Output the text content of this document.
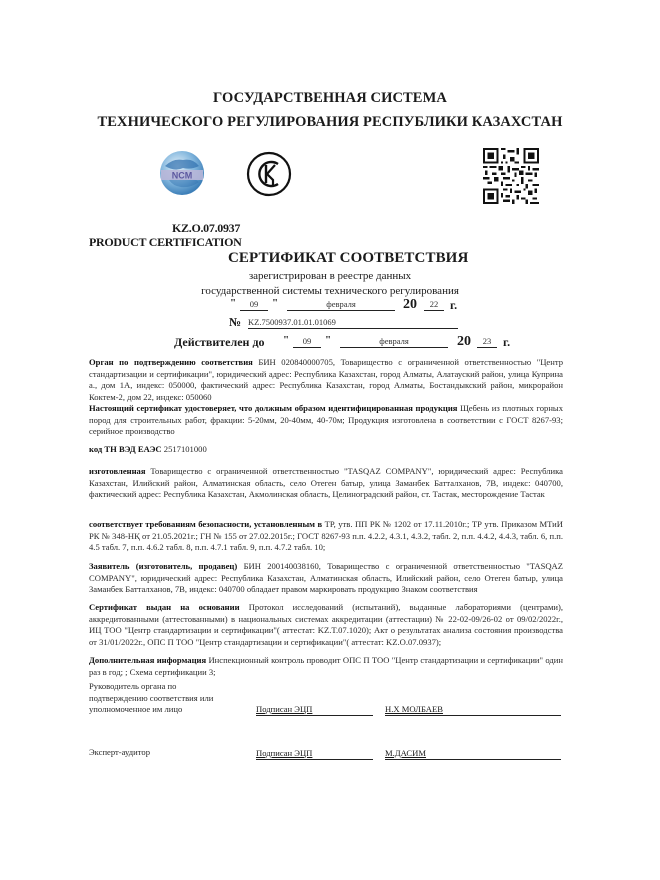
ГОСУДАРСТВЕННАЯ СИСТЕМА
ТЕХНИЧЕСКОГО РЕГУЛИРОВАНИЯ РЕСПУБЛИКИ КАЗАХСТАН
NCM
KZ.O.07.0937
PRODUCT CERTIFICATION
СЕРТИФИКАТ СООТВЕТСТВИЯ
зарегистрирован в реестре данных
государственной системы технического регулирования
"	09	"	февраля	20	22 г.
№ KZ.7500937.01.01.01069
Действителен до "	09	"	февраля	20	23 г.
Орган по подтверждению соответствия БИН 020840000705, Товарищество с ограниченной ответственностью "Центр стандартизации и сертификации", юридический адрес: Республика Казахстан, город Алматы, Алатауский район, улица Куприна а., дом 1А, индекс: 050000, фактический адрес: Республика Казахстан, город Алматы, Бостандыкский район, микрорайон Коктем-2, дом 22, индекс: 050060
Настоящий сертификат удостоверяет, что должным образом идентифицированная продукция Щебень из плотных горных пород для строительных работ, фракции: 5-20мм, 20-40мм, 40-70м; Продукция изготовлена в соответствии с ГОСТ 8267-93; серийное производство
код ТН ВЭД ЕАЭС 2517101000
изготовленная Товарищество с ограниченной ответственностью "TASQAZ COMPANY", юридический адрес: Республика Казахстан, Илийский район, Алматинская область, село Отеген батыр, улица Заманбек Батталханов, 7В, индекс: 040700, фактический адрес: Республика Казахстан, Акмолинская область, Целиноградский район, ст. Тастак, месторождение Тастак
соответствует требованиям безопасности, установленным в ТР, утв. ПП РК № 1202 от 17.11.2010г.; ТР утв. Приказом МТиИ РК № 348-НҚ от 21.05.2021г.; ГН № 155 от 27.02.2015г.; ГОСТ 8267-93 п.п. 4.2.2, 4.3.1, 4.3.2, табл. 2, п.п. 4.4.2, 4.4.3, табл. 6, п.п. 4.5 табл. 7, п.п. 4.6.2 табл. 8, п.п. 4.7.1 табл. 9, п.п. 4.7.2 табл. 10;
Заявитель (изготовитель, продавец) БИН 200140038160, Товарищество с ограниченной ответственностью "TASQAZ COMPANY", юридический адрес: Республика Казахстан, Алматинская область, Илийский район, село Отеген батыр, улица Заманбек Батталханов, 7В, индекс: 040700 обладает правом маркировать продукцию Знаком соответствия
Сертификат выдан на основании Протокол исследований (испытаний), выданные лабораториями (центрами), аккредитованными (аттестованными) в национальных системах аккредитации (аттестации) № 22-02-09/26-02 от 09/02/2022г., ИЦ ТОО "Центр стандартизации и сертификации"( аттестат: KZ.T.07.1020); Акт о результатах анализа состояния производства от 31/01/2022г., ОПС П ТОО "Центр стандартизации и сертификации"( аттестат: KZ.O.07.0937);
Дополнительная информация Инспекционный контроль проводит ОПС П ТОО "Центр стандартизации и сертификации" один раз в год; ; Схема сертификации 3;
Руководитель органа по
подтверждению соответствия или
уполномоченное им лицо	Подписан ЭЦП	Н.Х МОЛБАЕВ
Эксперт-аудитор	Подписан ЭЦП	М.ДАСИМ
